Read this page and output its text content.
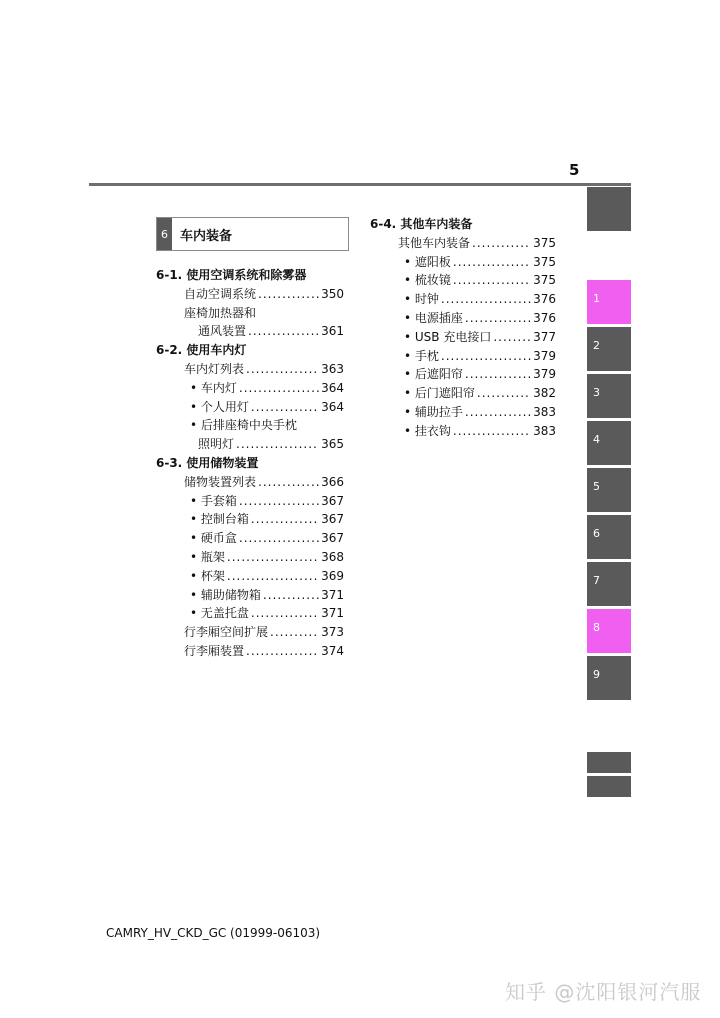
5
6 车内装备
6-1. 使用空调系统和除雾器
自动空调系统 .....	350
座椅加热器和
通风装置 .....	361
6-2. 使用车内灯
车内灯列表 .....	363
• 车内灯 .....	364
• 个人用灯 .....	364
• 后排座椅中央手枕
照明灯 .....	365
6-3. 使用储物装置
储物装置列表 .....	366
• 手套箱 .....	367
• 控制台箱 .....	367
• 硬币盒 .....	367
• 瓶架 .....	368
• 杯架 .....	369
• 辅助储物箱 .....	371
• 无盖托盘 .....	371
行李厢空间扩展 .....	373
行李厢装置 .....	374
6-4. 其他车内装备
其他车内装备 .....	375
• 遮阳板 .....	375
• 梳妆镜 .....	375
• 时钟 .....	376
• 电源插座 .....	376
• USB 充电接口 .....	377
• 手枕 .....	379
• 后遮阳帘 .....	379
• 后门遮阳帘 .....	382
• 辅助拉手 .....	383
• 挂衣钩 .....	383
1
2
3
4
5
6
7
8
9
CAMRY_HV_CKD_GC (01999-06103)
知乎 @沈阳银河汽服
